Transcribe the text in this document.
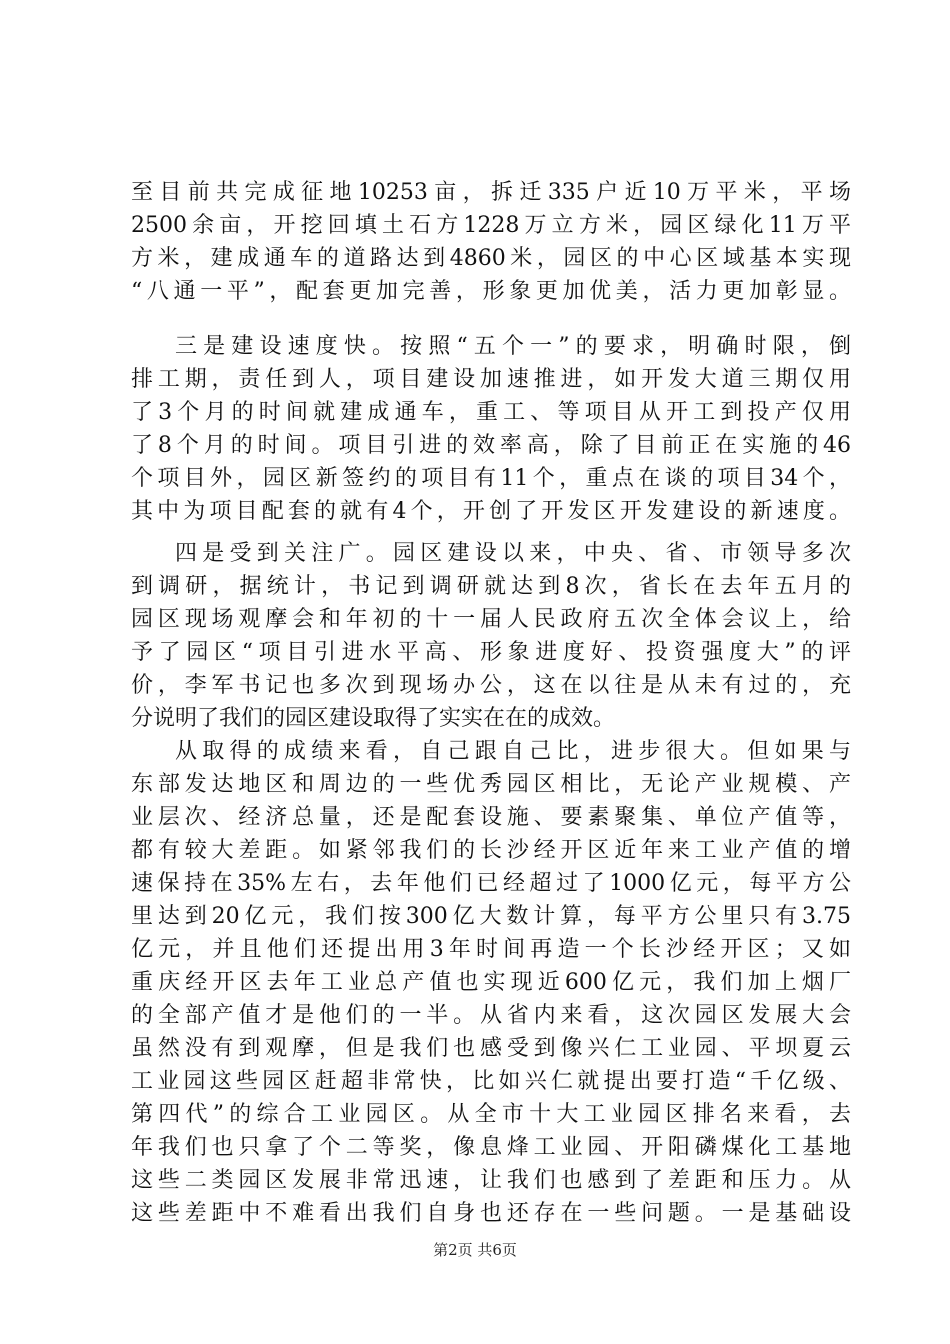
至目前共完成征地10253亩，拆迁335户近10万平米，平场
2500余亩，开挖回填土石方1228万立方米，园区绿化11万平
方米，建成通车的道路达到4860米，园区的中心区域基本实现
“八通一平”，配套更加完善，形象更加优美，活力更加彰显。
三是建设速度快。按照“五个一”的要求，明确时限，倒
排工期，责任到人，项目建设加速推进，如开发大道三期仅用
了3个月的时间就建成通车，重工、等项目从开工到投产仅用
了8个月的时间。项目引进的效率高，除了目前正在实施的46
个项目外，园区新签约的项目有11个，重点在谈的项目34个，
其中为项目配套的就有4个，开创了开发区开发建设的新速度。
四是受到关注广。园区建设以来，中央、省、市领导多次
到调研，据统计，书记到调研就达到8次，省长在去年五月的
园区现场观摩会和年初的十一届人民政府五次全体会议上，给
予了园区“项目引进水平高、形象进度好、投资强度大”的评
价，李军书记也多次到现场办公，这在以往是从未有过的，充
分说明了我们的园区建设取得了实实在在的成效。
从取得的成绩来看，自己跟自己比，进步很大。但如果与
东部发达地区和周边的一些优秀园区相比，无论产业规模、产
业层次、经济总量，还是配套设施、要素聚集、单位产值等，
都有较大差距。如紧邻我们的长沙经开区近年来工业产值的增
速保持在35%左右，去年他们已经超过了1000亿元，每平方公
里达到20亿元，我们按300亿大数计算，每平方公里只有3.75
亿元，并且他们还提出用3年时间再造一个长沙经开区；又如
重庆经开区去年工业总产值也实现近600亿元，我们加上烟厂
的全部产值才是他们的一半。从省内来看，这次园区发展大会
虽然没有到观摩，但是我们也感受到像兴仁工业园、平坝夏云
工业园这些园区赶超非常快，比如兴仁就提出要打造“千亿级、
第四代”的综合工业园区。从全市十大工业园区排名来看，去
年我们也只拿了个二等奖，像息烽工业园、开阳磷煤化工基地
这些二类园区发展非常迅速，让我们也感到了差距和压力。从
这些差距中不难看出我们自身也还存在一些问题。一是基础设
第2页 共6页
